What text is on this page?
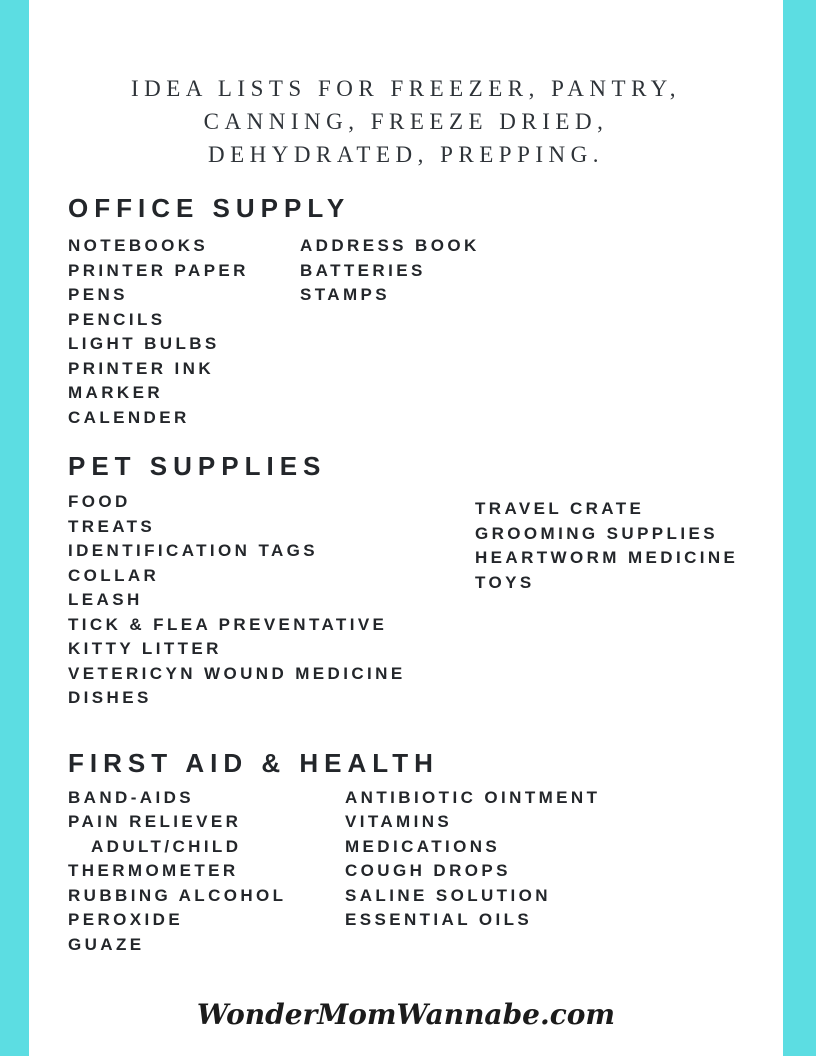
IDEA LISTS FOR FREEZER, PANTRY,
CANNING, FREEZE DRIED,
DEHYDRATED, PREPPING.
OFFICE SUPPLY
NOTEBOOKS
PRINTER PAPER
PENS
PENCILS
LIGHT BULBS
PRINTER INK
MARKER
CALENDER
ADDRESS BOOK
BATTERIES
STAMPS
PET SUPPLIES
FOOD
TREATS
IDENTIFICATION TAGS
COLLAR
LEASH
TICK & FLEA PREVENTATIVE
KITTY LITTER
VETERICYN WOUND MEDICINE
DISHES
TRAVEL CRATE
GROOMING SUPPLIES
HEARTWORM MEDICINE
TOYS
FIRST AID & HEALTH
BAND-AIDS
PAIN RELIEVER
ADULT/CHILD
THERMOMETER
RUBBING ALCOHOL
PEROXIDE
GUAZE
ANTIBIOTIC OINTMENT
VITAMINS
MEDICATIONS
COUGH DROPS
SALINE SOLUTION
ESSENTIAL OILS
WonderMomWannabe.com
